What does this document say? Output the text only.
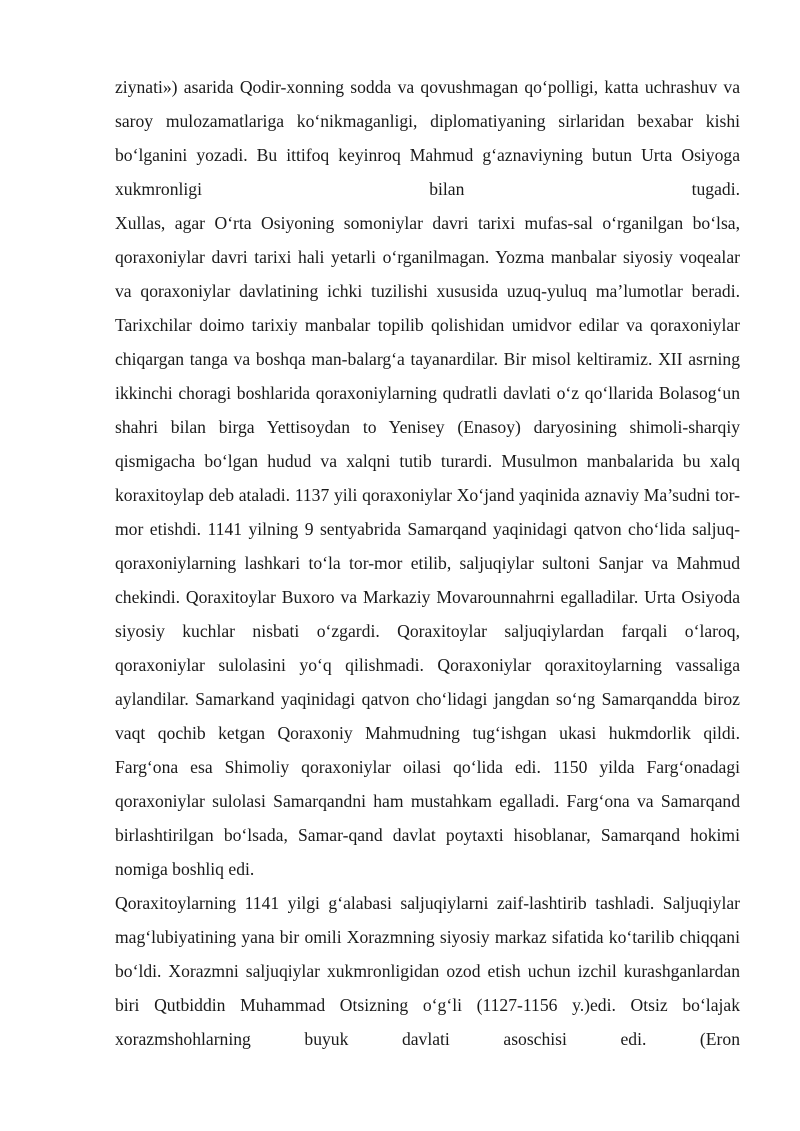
ziynati») asarida Qodir-xonning sodda va qovushmagan qo‘polligi, katta uchrashuv va saroy mulozamatlariga ko‘nikmaganligi, diplomatiyaning sirlaridan bexabar kishi bo‘lganini yozadi. Bu ittifoq keyinroq Mahmud g‘aznaviyning butun Urta Osiyoga xukmronligi bilan tugadi.

Xullas, agar O‘rta Osiyoning somoniylar davri tarixi mufas-sal o‘rganilgan bo‘lsa, qoraxoniylar davri tarixi hali yetarli o‘rganilmagan. Yozma manbalar siyosiy voqealar va qoraxoniylar davlatining ichki tuzilishi xususida uzuq-yuluq ma’lumotlar beradi. Tarixchilar doimo tarixiy manbalar topilib qolishidan umidvor edilar va qoraxoniylar chiqargan tanga va boshqa man-balarg‘a tayanardilar. Bir misol keltiramiz. XII asrning ikkinchi choragi boshlarida qoraxoniylarning qudratli davlati o‘z qo‘llarida Bolasog‘un shahri bilan birga Yettisoydan to Yenisey (Enasoy) daryosining shimoli-sharqiy qismigacha bo‘lgan hudud va xalqni tutib turardi. Musulmon manbalarida bu xalq koraxitoylap deb ataladi. 1137 yili qoraxoniylar Xo‘jand yaqinida aznaviy Ma’sudni tor-mor etishdi. 1141 yilning 9 sentyabrida Samarqand yaqinidagi qatvon cho‘lida saljuq-qoraxoniylarning lashkari to‘la tor-mor etilib, saljuqiylar sultoni Sanjar va Mahmud chekindi. Qoraxitoylar Buxoro va Markaziy Movarounnahrni egalladilar. Urta Osiyoda siyosiy kuchlar nisbati o‘zgardi. Qoraxitoylar saljuqiylardan farqali o‘laroq, qoraxoniylar sulolasini yo‘q qilishmadi. Qoraxoniylar qoraxitoylarning vassaliga aylandilar. Samarkand yaqinidagi qatvon cho‘lidagi jangdan so‘ng Samarqandda biroz vaqt qochib ketgan Qoraxoniy Mahmudning tug‘ishgan ukasi hukmdorlik qildi. Farg‘ona esa Shimoliy qoraxoniylar oilasi qo‘lida edi. 1150 yilda Farg‘onadagi qoraxoniylar sulolasi Samarqandni ham mustahkam egalladi. Farg‘ona va Samarqand birlashtirilgan bo‘lsada, Samar-qand davlat poytaxti hisoblanar, Samarqand hokimi nomiga boshliq edi.

Qoraxitoylarning 1141 yilgi g‘alabasi saljuqiylarni zaif-lashtirib tashladi. Saljuqiylar mag‘lubiyatining yana bir omili Xorazmning siyosiy markaz sifatida ko‘tarilib chiqqani bo‘ldi. Xorazmni saljuqiylar xukmronligidan ozod etish uchun izchil kurashganlardan biri Qutbiddin Muhammad Otsizning o‘g‘li (1127-1156 y.)edi. Otsiz bo‘lajak xorazmshohlarning buyuk davlati asoschisi edi. (Eron
